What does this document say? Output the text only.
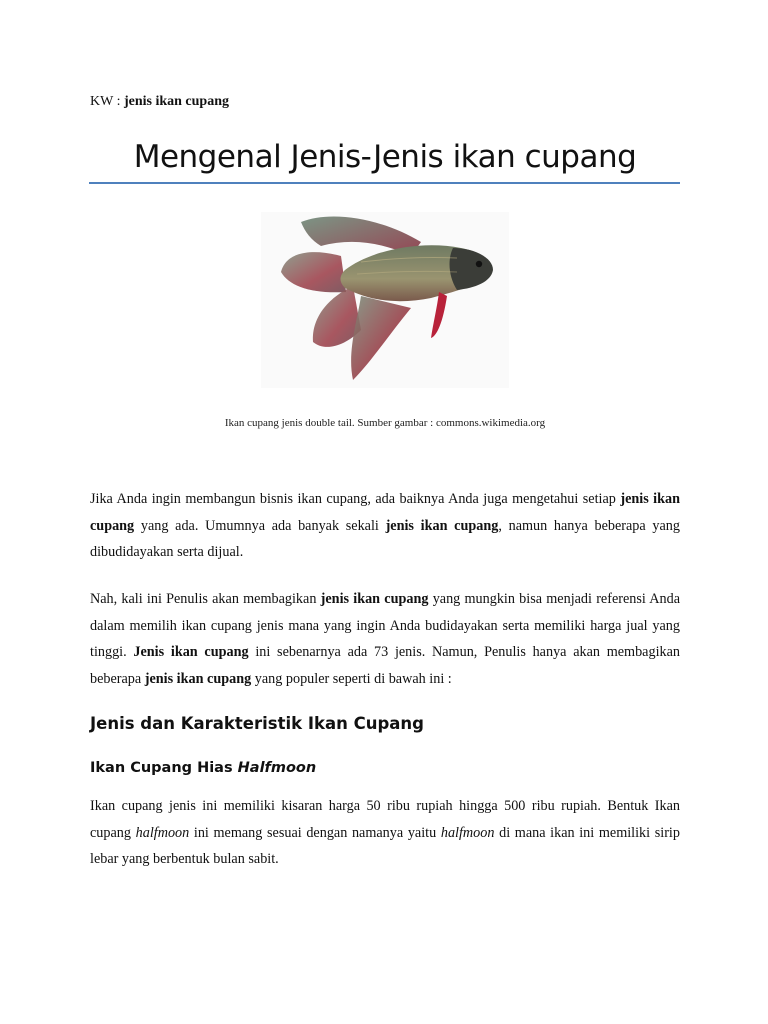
KW : jenis ikan cupang
Mengenal Jenis-Jenis ikan cupang
Ikan cupang jenis double tail. Sumber gambar : commons.wikimedia.org

Jika Anda ingin membangun bisnis ikan cupang, ada baiknya Anda juga mengetahui setiap jenis ikan cupang yang ada. Umumnya ada banyak sekali jenis ikan cupang, namun hanya beberapa yang dibudidayakan serta dijual.

Nah, kali ini Penulis akan membagikan jenis ikan cupang yang mungkin bisa menjadi referensi Anda dalam memilih ikan cupang jenis mana yang ingin Anda budidayakan serta memiliki harga jual yang tinggi. Jenis ikan cupang ini sebenarnya ada 73 jenis. Namun, Penulis hanya akan membagikan beberapa jenis ikan cupang yang populer seperti di bawah ini :

Jenis dan Karakteristik Ikan Cupang
Ikan Cupang Hias Halfmoon

Ikan cupang jenis ini memiliki kisaran harga 50 ribu rupiah hingga 500 ribu rupiah. Bentuk Ikan cupang halfmoon ini memang sesuai dengan namanya yaitu halfmoon di mana ikan ini memiliki sirip lebar yang berbentuk bulan sabit.
